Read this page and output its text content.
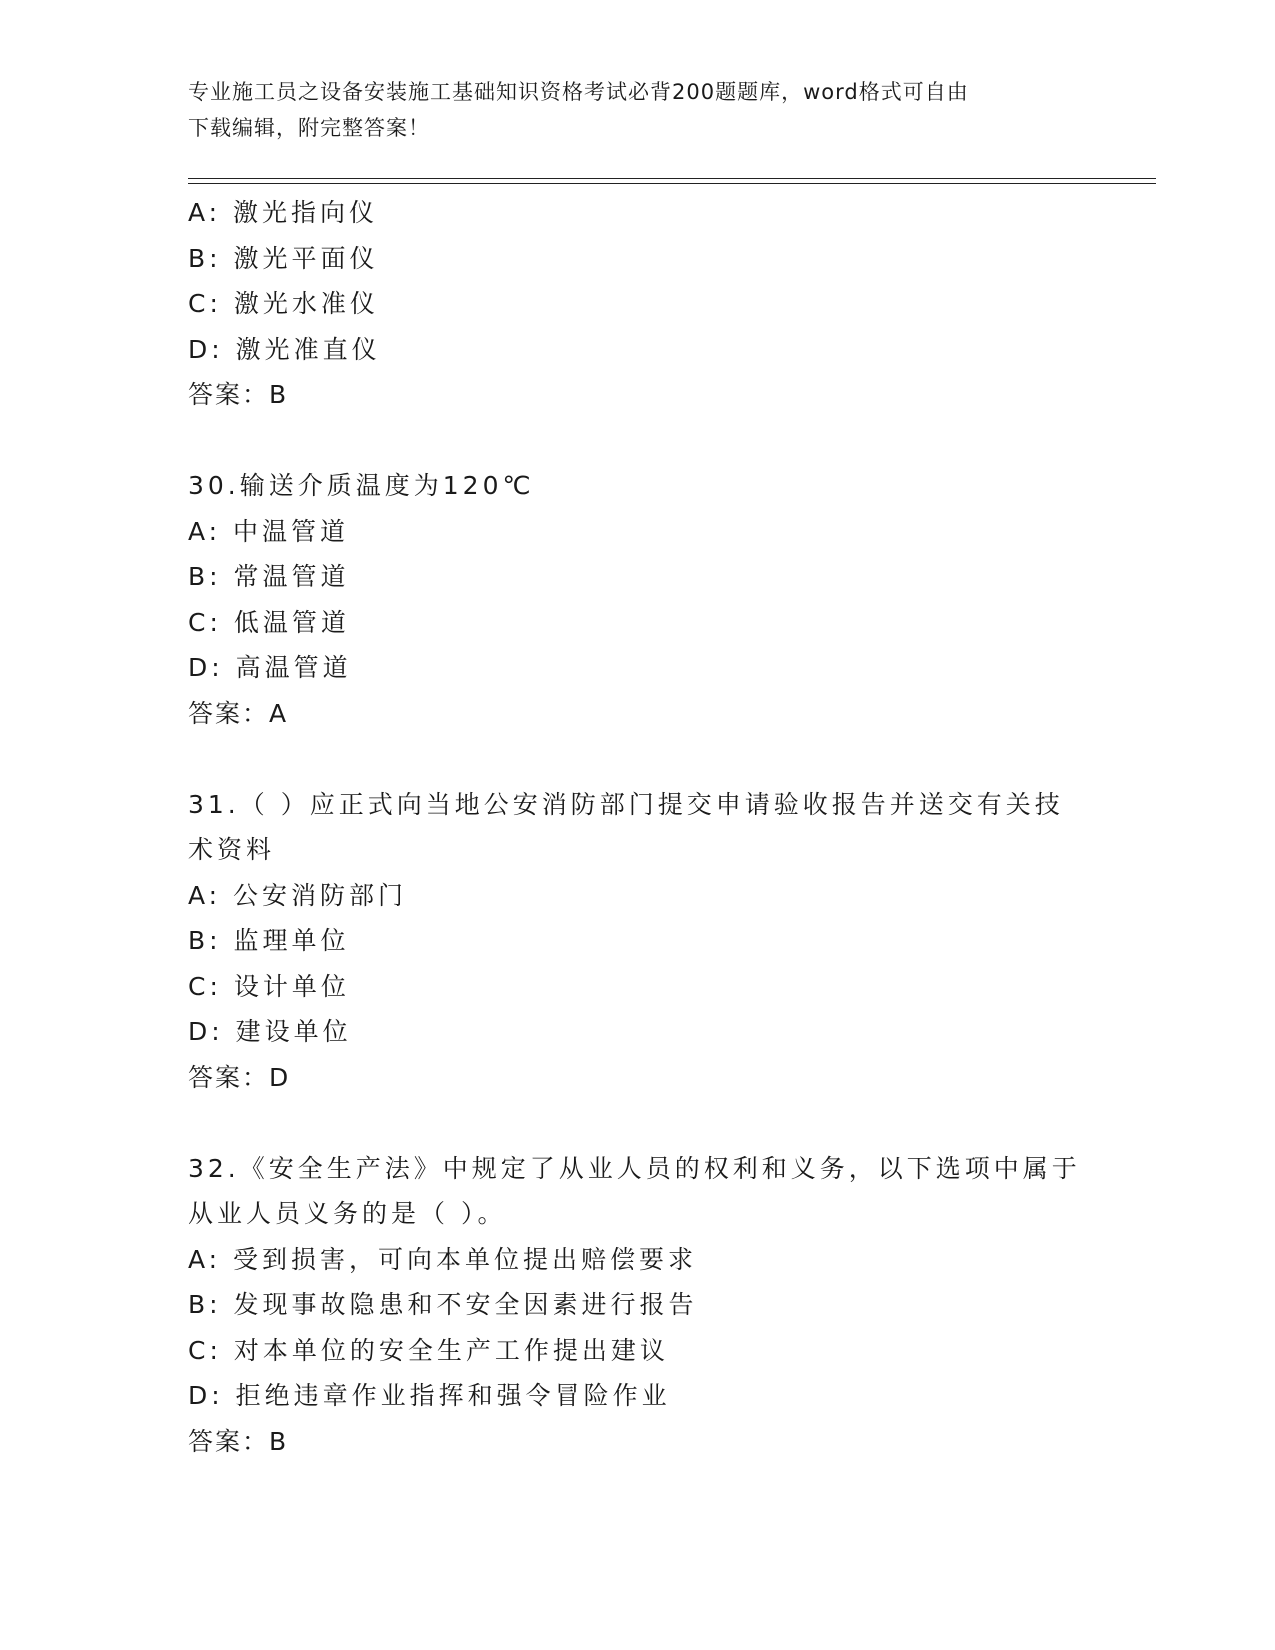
专业施工员之设备安装施工基础知识资格考试必背200题题库，word格式可自由
下载编辑，附完整答案！
A: 激光指向仪
B: 激光平面仪
C: 激光水准仪
D: 激光准直仪
答案：B
30.输送介质温度为120℃
A: 中温管道
B: 常温管道
C: 低温管道
D: 高温管道
答案：A
31.（ ）应正式向当地公安消防部门提交申请验收报告并送交有关技
术资料
A: 公安消防部门
B: 监理单位
C: 设计单位
D: 建设单位
答案：D
32.《安全生产法》中规定了从业人员的权利和义务，以下选项中属于
从业人员义务的是（ ）。
A: 受到损害，可向本单位提出赔偿要求
B: 发现事故隐患和不安全因素进行报告
C: 对本单位的安全生产工作提出建议
D: 拒绝违章作业指挥和强令冒险作业
答案：B
